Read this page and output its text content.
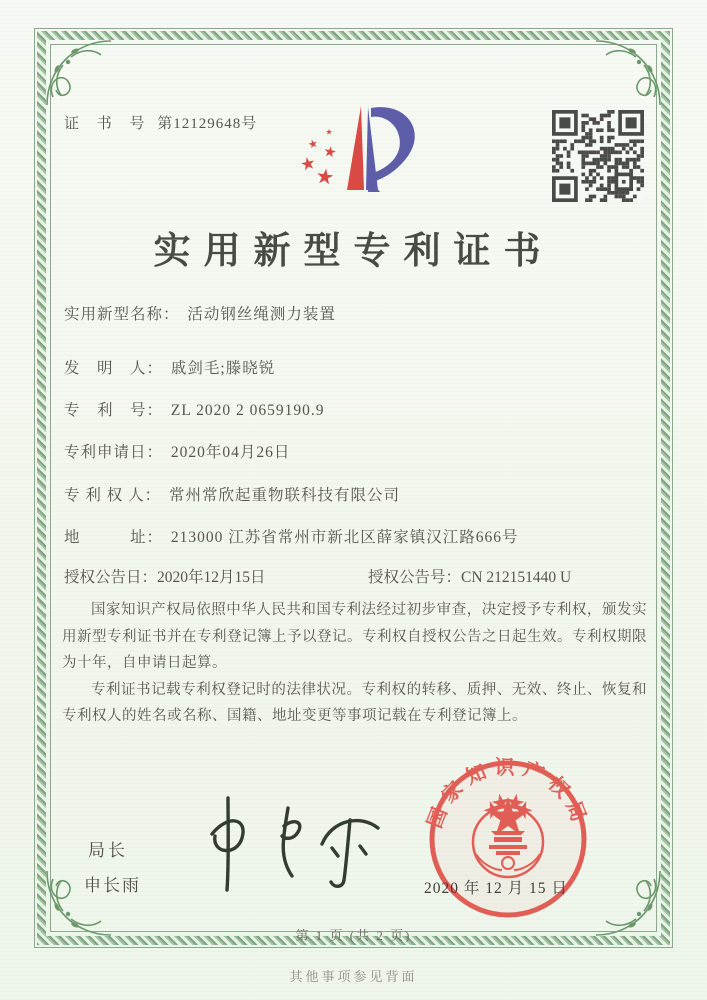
证 书 号 第12129648号
实用新型专利证书
实用新型名称： 活动钢丝绳测力装置
发　明　人： 戚剑毛;滕晓锐
专　利　号： ZL 2020 2 0659190.9
专利申请日： 2020年04月26日
专 利 权 人： 常州常欣起重物联科技有限公司
地　　　址： 213000 江苏省常州市新北区薛家镇汉江路666号
授权公告日：2020年12月15日	授权公告号：CN 212151440 U

国家知识产权局依照中华人民共和国专利法经过初步审查，决定授予专利权，颁发实用新型专利证书并在专利登记簿上予以登记。专利权自授权公告之日起生效。专利权期限为十年，自申请日起算。

专利证书记载专利权登记时的法律状况。专利权的转移、质押、无效、终止、恢复和专利权人的姓名或名称、国籍、地址变更等事项记载在专利登记簿上。

局长
申长雨
国家知识产权局
2020 年 12 月 15 日
第 1 页 (共 2 页)
其他事项参见背面
